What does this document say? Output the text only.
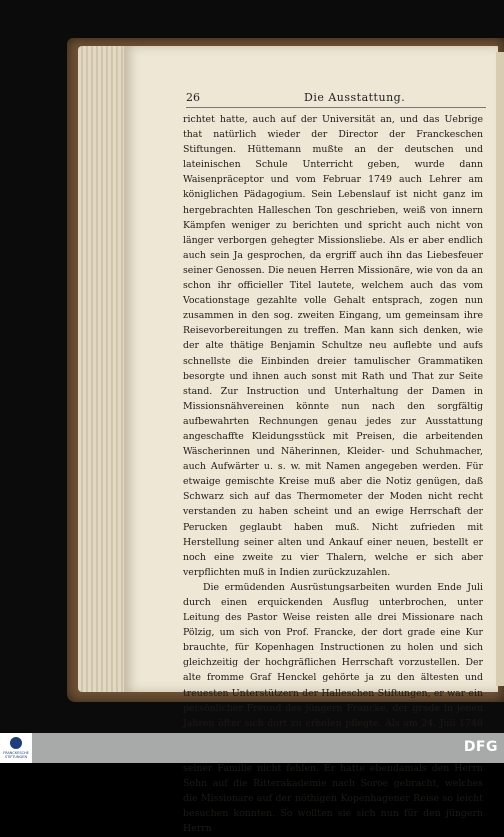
26	Die Ausstattung.

richtet hatte, auch auf der Universität an, und das Uebrige that natürlich wieder der Director der Franckeschen Stiftungen. Hüttemann mußte an der deutschen und lateinischen Schule Unterricht geben, wurde dann Waisenpräceptor und vom Februar 1749 auch Lehrer am königlichen Pädagogium. Sein Lebenslauf ist nicht ganz im hergebrachten Halleschen Ton geschrieben, weiß von innern Kämpfen weniger zu berichten und spricht auch nicht von länger verborgen gehegter Missionsliebe. Als er aber endlich auch sein Ja gesprochen, da ergriff auch ihn das Liebesfeuer seiner Genossen. Die neuen Herren Missionäre, wie von da an schon ihr officieller Titel lautete, welchem auch das vom Vocationstage gezahlte volle Gehalt entsprach, zogen nun zusammen in den sog. zweiten Eingang, um gemeinsam ihre Reisevorbereitungen zu treffen. Man kann sich denken, wie der alte thätige Benjamin Schultze neu auflebte und aufs schnellste die Einbinden dreier tamulischer Grammatiken besorgte und ihnen auch sonst mit Rath und That zur Seite stand. Zur Instruction und Unterhaltung der Damen in Missionsnähvereinen könnte nun nach den sorgfältig aufbewahrten Rechnungen genau jedes zur Ausstattung angeschaffte Kleidungsstück mit Preisen, die arbeitenden Wäscherinnen und Näherinnen, Kleider- und Schuhmacher, auch Aufwärter u. s. w. mit Namen angegeben werden. Für etwaige gemischte Kreise muß aber die Notiz genügen, daß Schwarz sich auf das Thermometer der Moden nicht recht verstanden zu haben scheint und an ewige Herrschaft der Perucken geglaubt haben muß. Nicht zufrieden mit Herstellung seiner alten und Ankauf einer neuen, bestellt er noch eine zweite zu vier Thalern, welche er sich aber verpflichten muß in Indien zurückzuzahlen.

Die ermüdenden Ausrüstungsarbeiten wurden Ende Juli durch einen erquickenden Ausflug unterbrochen, unter Leitung des Pastor Weise reisten alle drei Missionare nach Pölzig, um sich von Prof. Francke, der dort grade eine Kur brauchte, für Kopenhagen Instructionen zu holen und sich gleichzeitig der hochgräflichen Herrschaft vorzustellen. Der alte fromme Graf Henckel gehörte ja zu den ältesten und treuesten Unterstützern der Halleschen Stiftungen, er war ein persönlicher Freund des jüngern Francke, der grade in jenen Jahren öfter sich dort zu erholen pflegte. Als am 24. Juli 1748 seiner Familie nicht fehlen. Er hatte ebendamals den Herrn Sohn auf die Ritterakademie nach Soroe gebracht, welches die Missionare auf der nöthigen Kopenhagener Reise so leicht besuchen konnten. So wollten sie sich nun für den jüngern Herrn

FRANCKESCHE STIFTUNGEN
DFG
